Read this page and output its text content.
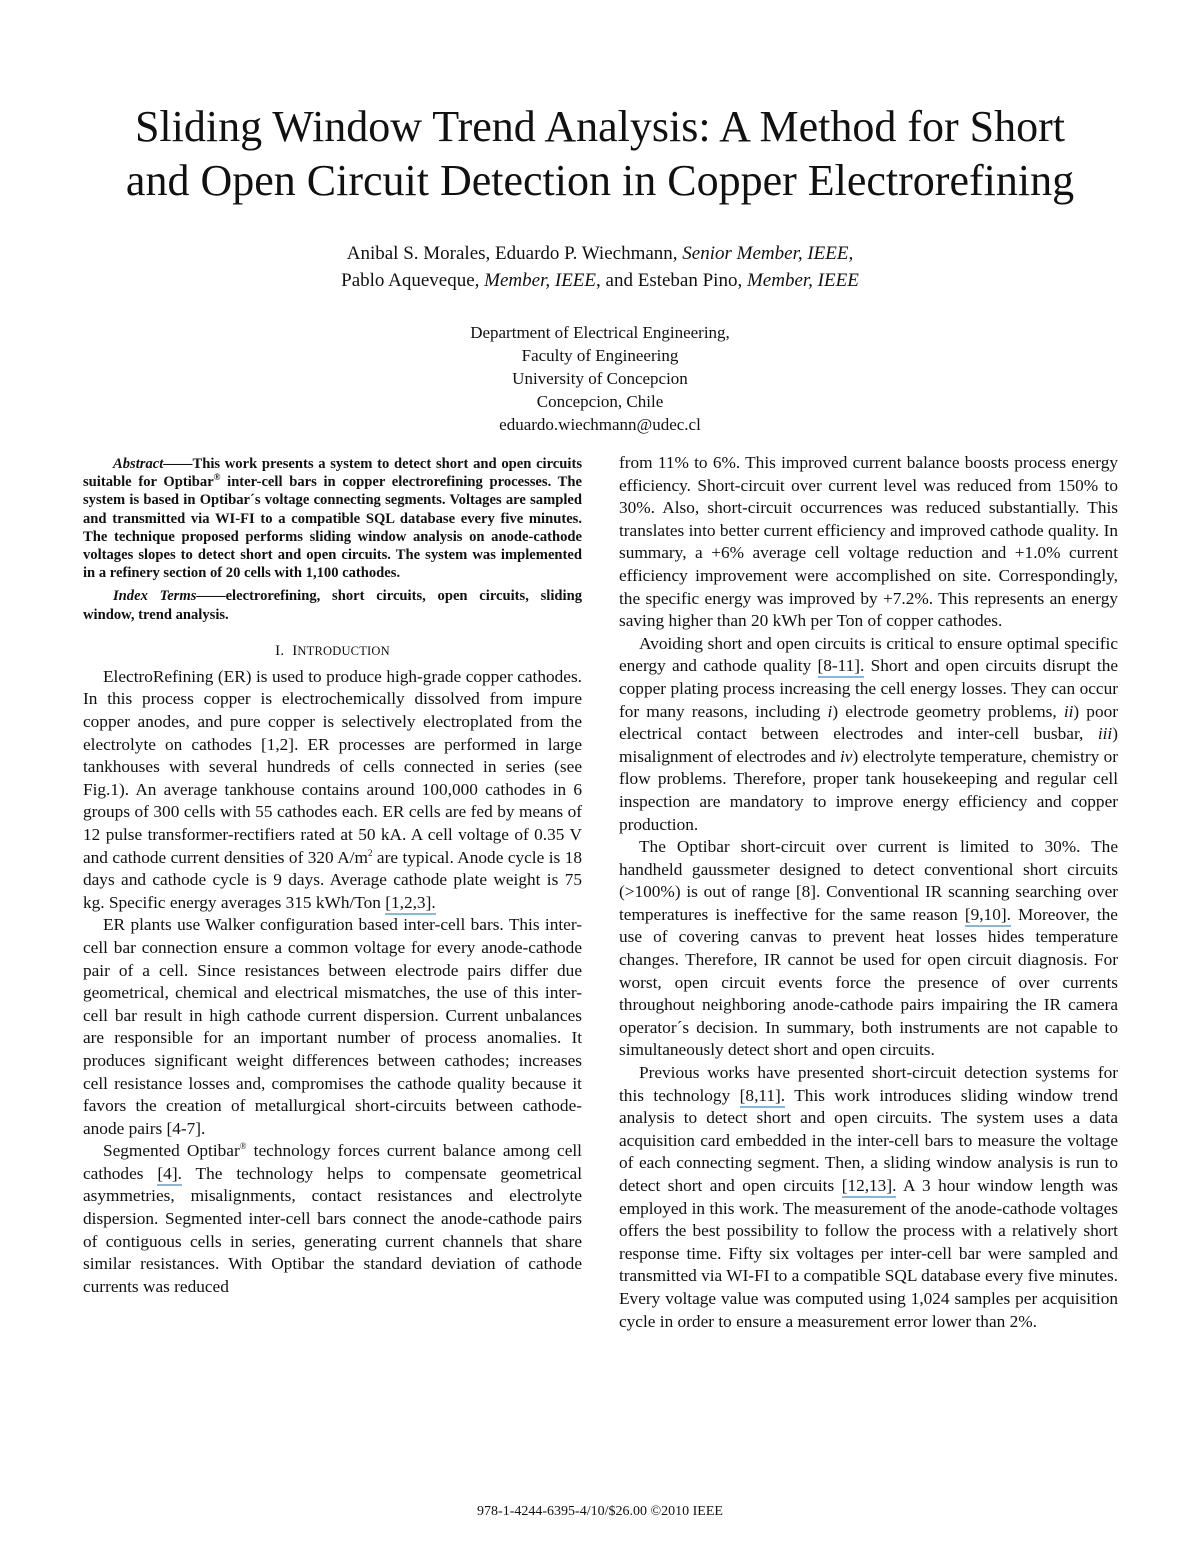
Sliding Window Trend Analysis: A Method for Short
and Open Circuit Detection in Copper Electrorefining
Anibal S. Morales, Eduardo P. Wiechmann, Senior Member, IEEE,
Pablo Aqueveque, Member, IEEE, and Esteban Pino, Member, IEEE
Department of Electrical Engineering,
Faculty of Engineering
University of Concepcion
Concepcion, Chile
eduardo.wiechmann@udec.cl

Abstract——This work presents a system to detect short and open circuits suitable for Optibar® inter-cell bars in copper electrorefining processes. The system is based in Optibar´s voltage connecting segments. Voltages are sampled and transmitted via WI-FI to a compatible SQL database every five minutes. The technique proposed performs sliding window analysis on anode-cathode voltages slopes to detect short and open circuits. The system was implemented in a refinery section of 20 cells with 1,100 cathodes.

Index Terms——electrorefining, short circuits, open circuits, sliding window, trend analysis.

I. INTRODUCTION

ElectroRefining (ER) is used to produce high-grade copper cathodes. In this process copper is electrochemically dissolved from impure copper anodes, and pure copper is selectively electroplated from the electrolyte on cathodes [1,2]. ER processes are performed in large tankhouses with several hundreds of cells connected in series (see Fig.1). An average tankhouse contains around 100,000 cathodes in 6 groups of 300 cells with 55 cathodes each. ER cells are fed by means of 12 pulse transformer-rectifiers rated at 50 kA. A cell voltage of 0.35 V and cathode current densities of 320 $A/m^2$ are typical. Anode cycle is 18 days and cathode cycle is 9 days. Average cathode plate weight is 75 kg. Specific energy averages 315 kWh/Ton [1,2,3].

ER plants use Walker configuration based inter-cell bars. This inter-cell bar connection ensure a common voltage for every anode-cathode pair of a cell. Since resistances between electrode pairs differ due geometrical, chemical and electrical mismatches, the use of this inter-cell bar result in high cathode current dispersion. Current unbalances are responsible for an important number of process anomalies. It produces significant weight differences between cathodes; increases cell resistance losses and, compromises the cathode quality because it favors the creation of metallurgical short-circuits between cathode-anode pairs [4-7].

Segmented Optibar® technology forces current balance among cell cathodes [4]. The technology helps to compensate geometrical asymmetries, misalignments, contact resistances and electrolyte dispersion. Segmented inter-cell bars connect the anode-cathode pairs of contiguous cells in series, generating current channels that share similar resistances. With Optibar the standard deviation of cathode currents was reduced

from 11% to 6%. This improved current balance boosts process energy efficiency. Short-circuit over current level was reduced from 150% to 30%. Also, short-circuit occurrences was reduced substantially. This translates into better current efficiency and improved cathode quality. In summary, a +6% average cell voltage reduction and +1.0% current efficiency improvement were accomplished on site. Correspondingly, the specific energy was improved by +7.2%. This represents an energy saving higher than 20 kWh per Ton of copper cathodes.

Avoiding short and open circuits is critical to ensure optimal specific energy and cathode quality [8-11]. Short and open circuits disrupt the copper plating process increasing the cell energy losses. They can occur for many reasons, including i) electrode geometry problems, ii) poor electrical contact between electrodes and inter-cell busbar, iii) misalignment of electrodes and iv) electrolyte temperature, chemistry or flow problems. Therefore, proper tank housekeeping and regular cell inspection are mandatory to improve energy efficiency and copper production.

The Optibar short-circuit over current is limited to 30%. The handheld gaussmeter designed to detect conventional short circuits (>100%) is out of range [8]. Conventional IR scanning searching over temperatures is ineffective for the same reason [9,10]. Moreover, the use of covering canvas to prevent heat losses hides temperature changes. Therefore, IR cannot be used for open circuit diagnosis. For worst, open circuit events force the presence of over currents throughout neighboring anode-cathode pairs impairing the IR camera operator´s decision. In summary, both instruments are not capable to simultaneously detect short and open circuits.

Previous works have presented short-circuit detection systems for this technology [8,11]. This work introduces sliding window trend analysis to detect short and open circuits. The system uses a data acquisition card embedded in the inter-cell bars to measure the voltage of each connecting segment. Then, a sliding window analysis is run to detect short and open circuits [12,13]. A 3 hour window length was employed in this work. The measurement of the anode-cathode voltages offers the best possibility to follow the process with a relatively short response time. Fifty six voltages per inter-cell bar were sampled and transmitted via WI-FI to a compatible SQL database every five minutes. Every voltage value was computed using 1,024 samples per acquisition cycle in order to ensure a measurement error lower than 2%.

978-1-4244-6395-4/10/$26.00 ©2010 IEEE
